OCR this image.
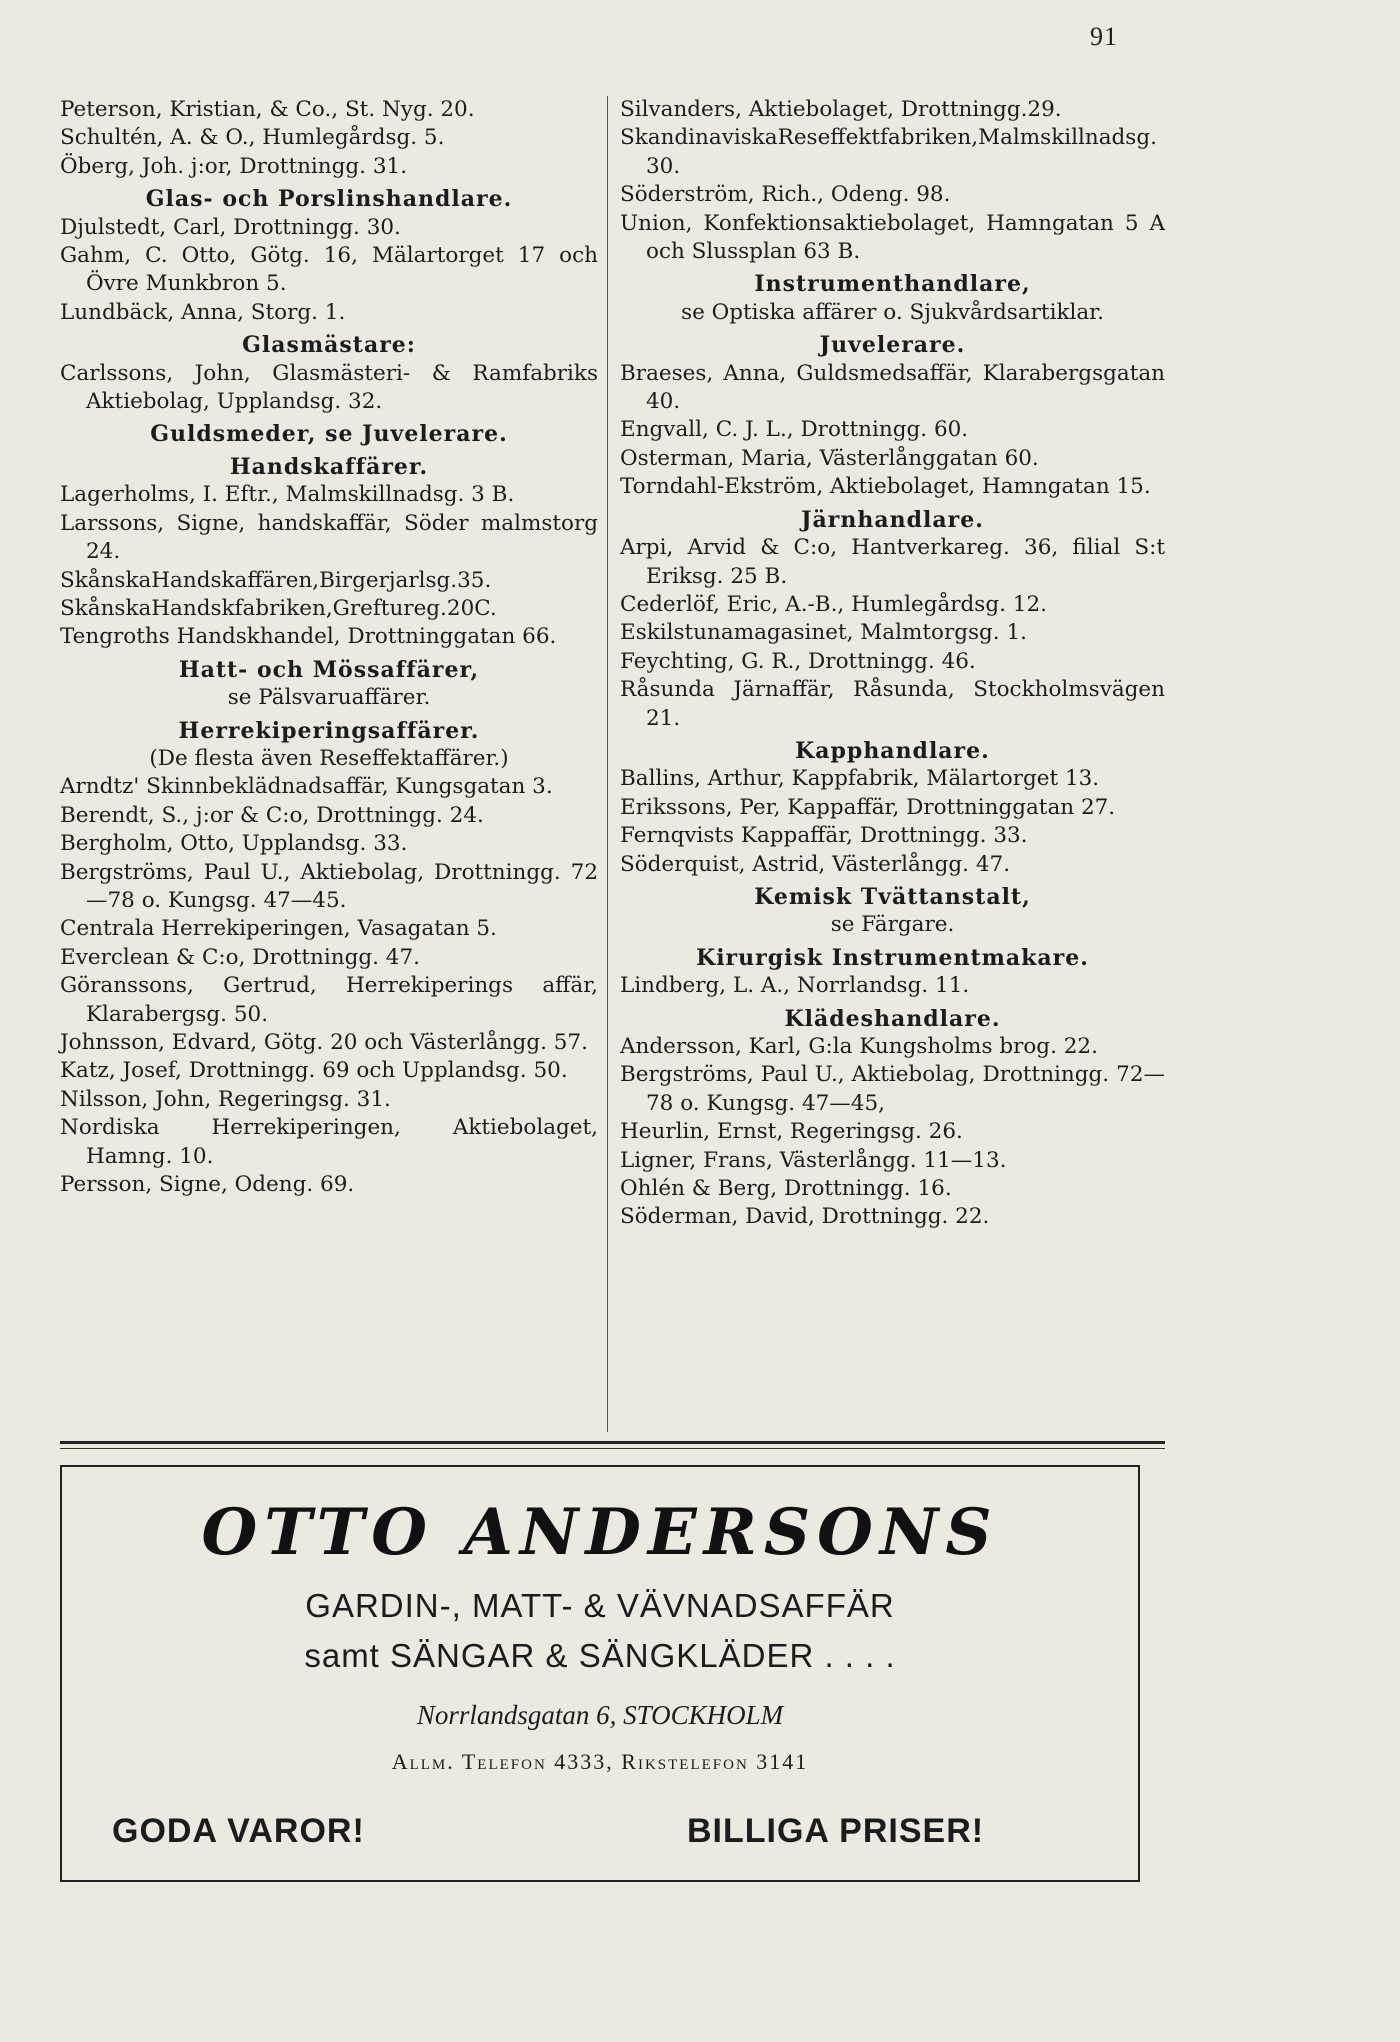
91
Peterson, Kristian, & Co., St. Nyg. 20.
Schultén, A. & O., Humlegårdsg. 5.
Öberg, Joh. j:or, Drottningg. 31.
Glas- och Porslinshandlare.
Djulstedt, Carl, Drottningg. 30.
Gahm, C. Otto, Götg. 16, Mälartorget 17 och Övre Munkbron 5.
Lundbäck, Anna, Storg. 1.
Glasmästare:
Carlssons, John, Glasmästeri- & Ramfabriks Aktiebolag, Upplandsg. 32.
Guldsmeder, se Juvelerare.
Handskaffärer.
Lagerholms, I. Eftr., Malmskillnadsg. 3 B.
Larssons, Signe, handskaffär, Söder malmstorg 24.
SkånskaHandskaffären,Birgerjarlsg.35.
SkånskaHandskfabriken,Greftureg.20C.
Tengroths Handskhandel, Drottninggatan 66.
Hatt- och Mössaffärer,
se Pälsvaruaffärer.
Herrekiperingsaffärer.
(De flesta även Reseffektaffärer.)
Arndtz' Skinnbeklädnadsaffär, Kungsgatan 3.
Berendt, S., j:or & C:o, Drottningg. 24.
Bergholm, Otto, Upplandsg. 33.
Bergströms, Paul U., Aktiebolag, Drottningg. 72—78 o. Kungsg. 47—45.
Centrala Herrekiperingen, Vasagatan 5.
Everclean & C:o, Drottningg. 47.
Göranssons, Gertrud, Herrekiperings affär, Klarabergsg. 50.
Johnsson, Edvard, Götg. 20 och Västerlångg. 57.
Katz, Josef, Drottningg. 69 och Upplandsg. 50.
Nilsson, John, Regeringsg. 31.
Nordiska Herrekiperingen, Aktiebolaget, Hamng. 10.
Persson, Signe, Odeng. 69.
Silvanders, Aktiebolaget, Drottningg.29.
SkandinaviskaReseffektfabriken,Malmskillnadsg. 30.
Söderström, Rich., Odeng. 98.
Union, Konfektionsaktiebolaget, Hamngatan 5 A och Slussplan 63 B.
Instrumenthandlare,
se Optiska affärer o. Sjukvårdsartiklar.
Juvelerare.
Braeses, Anna, Guldsmedsaffär, Klarabergsgatan 40.
Engvall, C. J. L., Drottningg. 60.
Osterman, Maria, Västerlånggatan 60.
Torndahl-Ekström, Aktiebolaget, Hamngatan 15.
Järnhandlare.
Arpi, Arvid & C:o, Hantverkareg. 36, filial S:t Eriksg. 25 B.
Cederlöf, Eric, A.-B., Humlegårdsg. 12.
Eskilstunamagasinet, Malmtorgsg. 1.
Feychting, G. R., Drottningg. 46.
Råsunda Järnaffär, Råsunda, Stockholmsvägen 21.
Kapphandlare.
Ballins, Arthur, Kappfabrik, Mälartorget 13.
Erikssons, Per, Kappaffär, Drottninggatan 27.
Fernqvists Kappaffär, Drottningg. 33.
Söderquist, Astrid, Västerlångg. 47.
Kemisk Tvättanstalt,
se Färgare.
Kirurgisk Instrumentmakare.
Lindberg, L. A., Norrlandsg. 11.
Klädeshandlare.
Andersson, Karl, G:la Kungsholms brog. 22.
Bergströms, Paul U., Aktiebolag, Drottningg. 72—78 o. Kungsg. 47—45,
Heurlin, Ernst, Regeringsg. 26.
Ligner, Frans, Västerlångg. 11—13.
Ohlén & Berg, Drottningg. 16.
Söderman, David, Drottningg. 22.
OTTO ANDERSONS
GARDIN-, MATT- & VÄVNADSAFFÄR
samt SÄNGAR & SÄNGKLÄDER . . . .
Norrlandsgatan 6, STOCKHOLM
Allm. Telefon 4333, Rikstelefon 3141
GODA VAROR!	BILLIGA PRISER!
